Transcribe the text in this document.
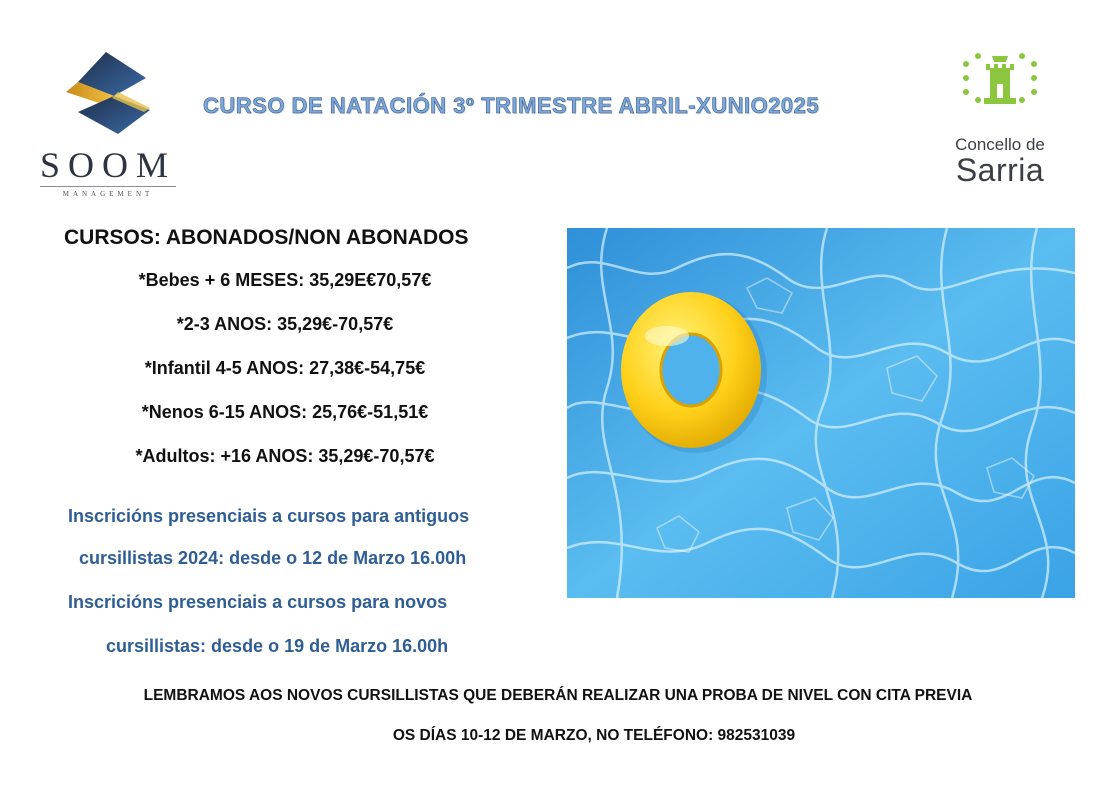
SOOM
MANAGEMENT
CURSO DE NATACIÓN 3º TRIMESTRE ABRIL-XUNIO2025
Concello de
Sarria
CURSOS: ABONADOS/NON ABONADOS
*Bebes + 6 MESES: 35,29E€70,57€
*2-3 ANOS: 35,29€-70,57€
*Infantil 4-5 ANOS: 27,38€-54,75€
*Nenos 6-15 ANOS: 25,76€-51,51€
*Adultos: +16 ANOS: 35,29€-70,57€
Inscricións presenciais a cursos para antiguos
cursillistas 2024: desde o 12 de Marzo 16.00h
Inscricións presenciais a cursos para novos
cursillistas: desde o 19 de Marzo 16.00h
LEMBRAMOS AOS NOVOS CURSILLISTAS QUE DEBERÁN REALIZAR UNA PROBA DE NIVEL CON CITA PREVIA
OS DÍAS 10-12 DE MARZO, NO TELÉFONO: 982531039
